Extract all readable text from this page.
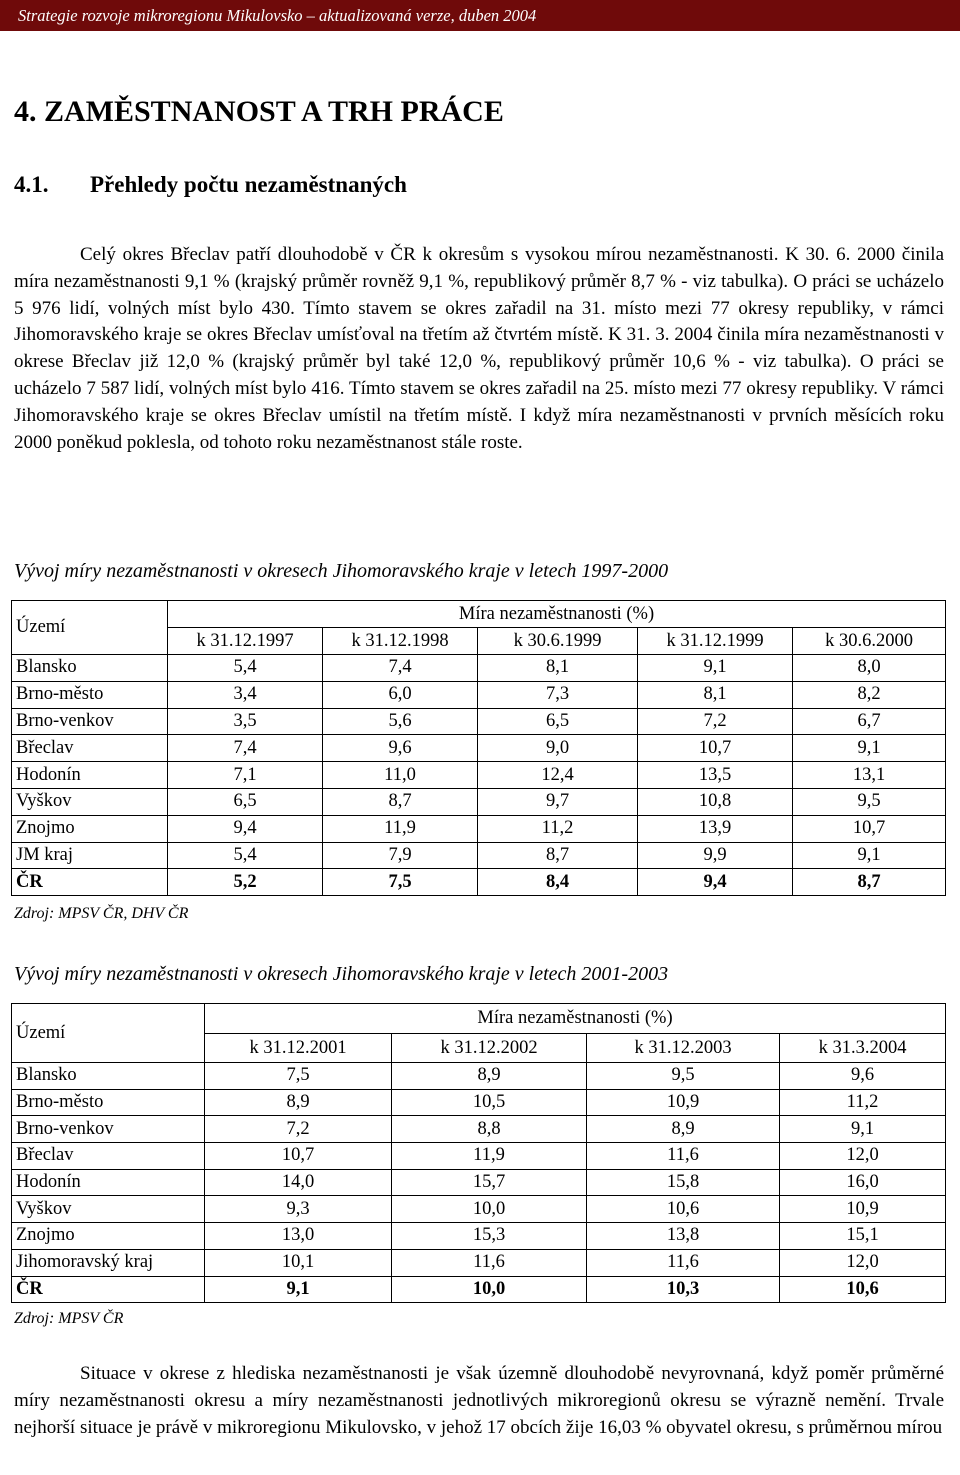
Strategie rozvoje mikroregionu Mikulovsko – aktualizovaná verze, duben 2004
4. ZAMĚSTNANOST A TRH PRÁCE
4.1. Přehledy počtu nezaměstnaných

Celý okres Břeclav patří dlouhodobě v ČR k okresům s vysokou mírou nezaměstnanosti. K 30. 6. 2000 činila míra nezaměstnanosti 9,1 % (krajský průměr rovněž 9,1 %, republikový průměr 8,7 % - viz tabulka). O práci se ucházelo 5 976 lidí, volných míst bylo 430. Tímto stavem se okres zařadil na 31. místo mezi 77 okresy republiky, v rámci Jihomoravského kraje se okres Břeclav umísťoval na třetím až čtvrtém místě. K 31. 3. 2004 činila míra nezaměstnanosti v okrese Břeclav již 12,0 % (krajský průměr byl také 12,0 %, republikový průměr 10,6 % - viz tabulka). O práci se ucházelo 7 587 lidí, volných míst bylo 416. Tímto stavem se okres zařadil na 25. místo mezi 77 okresy republiky. V rámci Jihomoravského kraje se okres Břeclav umístil na třetím místě. I když míra nezaměstnanosti v prvních měsících roku 2000 poněkud poklesla, od tohoto roku nezaměstnanost stále roste.

Vývoj míry nezaměstnanosti v okresech Jihomoravského kraje v letech 1997-2000

Území	Míra nezaměstnanosti (%)				
	k 31.12.1997	k 31.12.1998	k 30.6.1999	k 31.12.1999	k 30.6.2000
Blansko	5,4	7,4	8,1	9,1	8,0
Brno-město	3,4	6,0	7,3	8,1	8,2
Brno-venkov	3,5	5,6	6,5	7,2	6,7
Břeclav	7,4	9,6	9,0	10,7	9,1
Hodonín	7,1	11,0	12,4	13,5	13,1
Vyškov	6,5	8,7	9,7	10,8	9,5
Znojmo	9,4	11,9	11,2	13,9	10,7
JM kraj	5,4	7,9	8,7	9,9	9,1
ČR	5,2	7,5	8,4	9,4	8,7
Zdroj: MPSV ČR, DHV ČR

Vývoj míry nezaměstnanosti v okresech Jihomoravského kraje v letech 2001-2003

Území	Míra nezaměstnanosti (%)			
	k 31.12.2001	k 31.12.2002	k 31.12.2003	k 31.3.2004
Blansko	7,5	8,9	9,5	9,6
Brno-město	8,9	10,5	10,9	11,2
Brno-venkov	7,2	8,8	8,9	9,1
Břeclav	10,7	11,9	11,6	12,0
Hodonín	14,0	15,7	15,8	16,0
Vyškov	9,3	10,0	10,6	10,9
Znojmo	13,0	15,3	13,8	15,1
Jihomoravský kraj	10,1	11,6	11,6	12,0
ČR	9,1	10,0	10,3	10,6
Zdroj: MPSV ČR

Situace v okrese z hlediska nezaměstnanosti je však územně dlouhodobě nevyrovnaná, když poměr průměrné míry nezaměstnanosti okresu a míry nezaměstnanosti jednotlivých mikroregionů okresu se výrazně nemění. Trvale nejhorší situace je právě v mikroregionu Mikulovsko, v jehož 17 obcích žije 16,03 % obyvatel okresu, s průměrnou mírou
